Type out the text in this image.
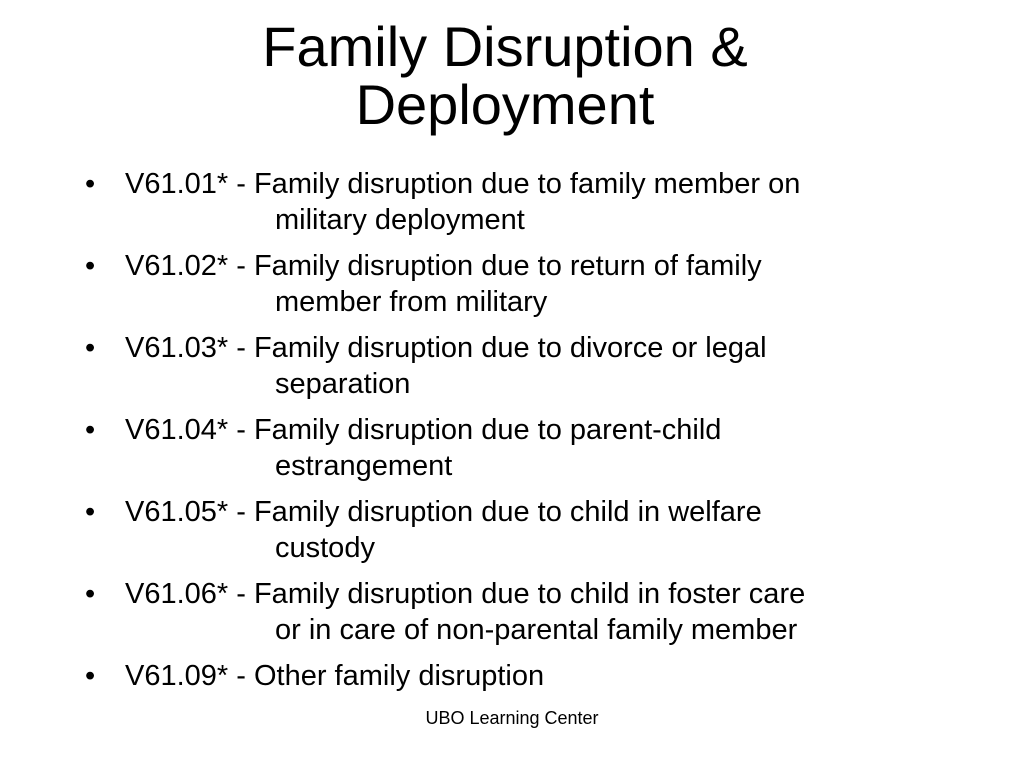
Family Disruption &
Deployment
•	V61.01* - Family disruption due to family member on
military deployment
•	V61.02* - Family disruption due to return of family
member from military
•	V61.03* - Family disruption due to divorce or legal
separation
•	V61.04* - Family disruption due to parent-child
estrangement
•	V61.05* - Family disruption due to child in welfare
custody
•	V61.06* - Family disruption due to child in foster care
or in care of non-parental family member
•	V61.09* - Other family disruption
UBO Learning Center
